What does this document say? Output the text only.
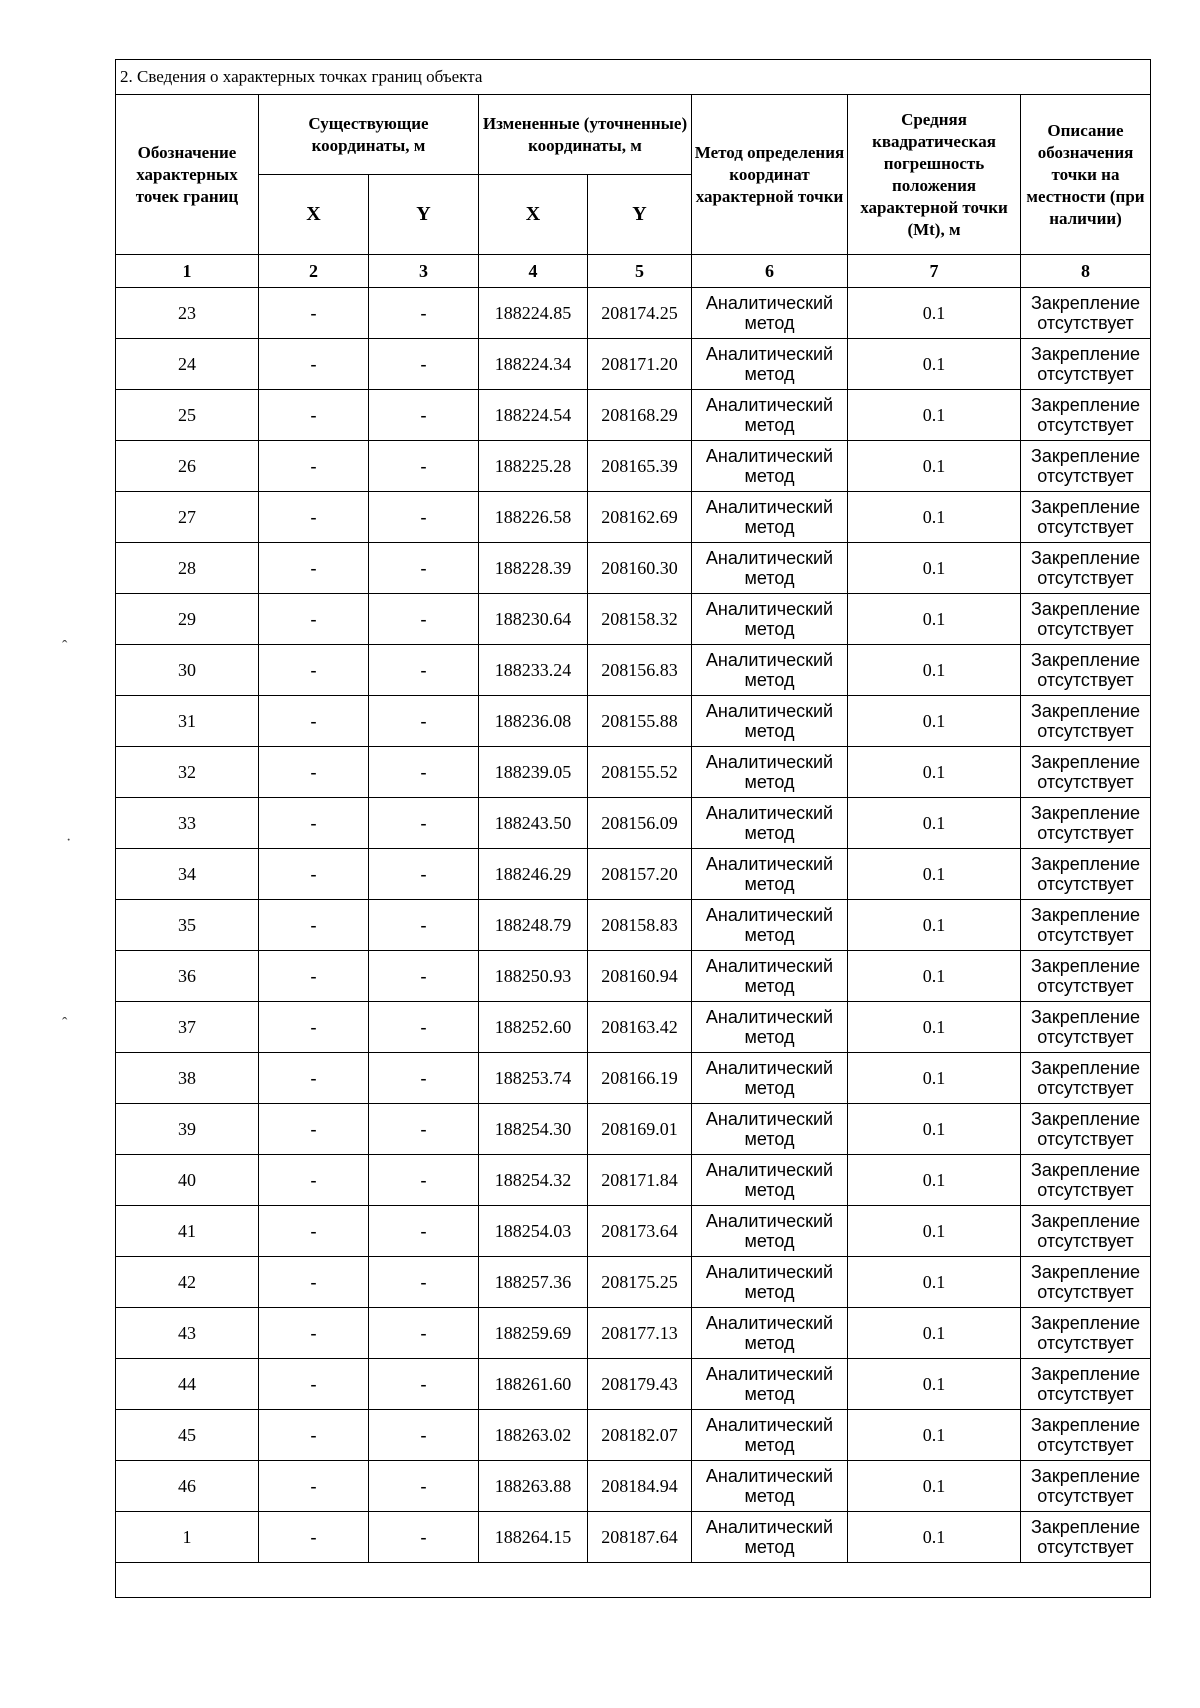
2. Сведения о характерных точках границ объекта							
Обозначение характерных точек границ	Существующие координаты, м		Измененные (уточненные) координаты, м		Метод определения координат характерной точки	Средняя квадратическая погрешность положения характерной точки (Mt), м	Описание обозначения точки на местности (при наличии)
	X	Y	X	Y			
1	2	3	4	5	6	7	8
23	-	-	188224.85	208174.25	Аналитический метод	0.1	Закрепление отсутствует
24	-	-	188224.34	208171.20	Аналитический метод	0.1	Закрепление отсутствует
25	-	-	188224.54	208168.29	Аналитический метод	0.1	Закрепление отсутствует
26	-	-	188225.28	208165.39	Аналитический метод	0.1	Закрепление отсутствует
27	-	-	188226.58	208162.69	Аналитический метод	0.1	Закрепление отсутствует
28	-	-	188228.39	208160.30	Аналитический метод	0.1	Закрепление отсутствует
29	-	-	188230.64	208158.32	Аналитический метод	0.1	Закрепление отсутствует
30	-	-	188233.24	208156.83	Аналитический метод	0.1	Закрепление отсутствует
31	-	-	188236.08	208155.88	Аналитический метод	0.1	Закрепление отсутствует
32	-	-	188239.05	208155.52	Аналитический метод	0.1	Закрепление отсутствует
33	-	-	188243.50	208156.09	Аналитический метод	0.1	Закрепление отсутствует
34	-	-	188246.29	208157.20	Аналитический метод	0.1	Закрепление отсутствует
35	-	-	188248.79	208158.83	Аналитический метод	0.1	Закрепление отсутствует
36	-	-	188250.93	208160.94	Аналитический метод	0.1	Закрепление отсутствует
37	-	-	188252.60	208163.42	Аналитический метод	0.1	Закрепление отсутствует
38	-	-	188253.74	208166.19	Аналитический метод	0.1	Закрепление отсутствует
39	-	-	188254.30	208169.01	Аналитический метод	0.1	Закрепление отсутствует
40	-	-	188254.32	208171.84	Аналитический метод	0.1	Закрепление отсутствует
41	-	-	188254.03	208173.64	Аналитический метод	0.1	Закрепление отсутствует
42	-	-	188257.36	208175.25	Аналитический метод	0.1	Закрепление отсутствует
43	-	-	188259.69	208177.13	Аналитический метод	0.1	Закрепление отсутствует
44	-	-	188261.60	208179.43	Аналитический метод	0.1	Закрепление отсутствует
45	-	-	188263.02	208182.07	Аналитический метод	0.1	Закрепление отсутствует
46	-	-	188263.88	208184.94	Аналитический метод	0.1	Закрепление отсутствует
1	-	-	188264.15	208187.64	Аналитический метод	0.1	Закрепление отсутствует

ˆ
·
ˆ
